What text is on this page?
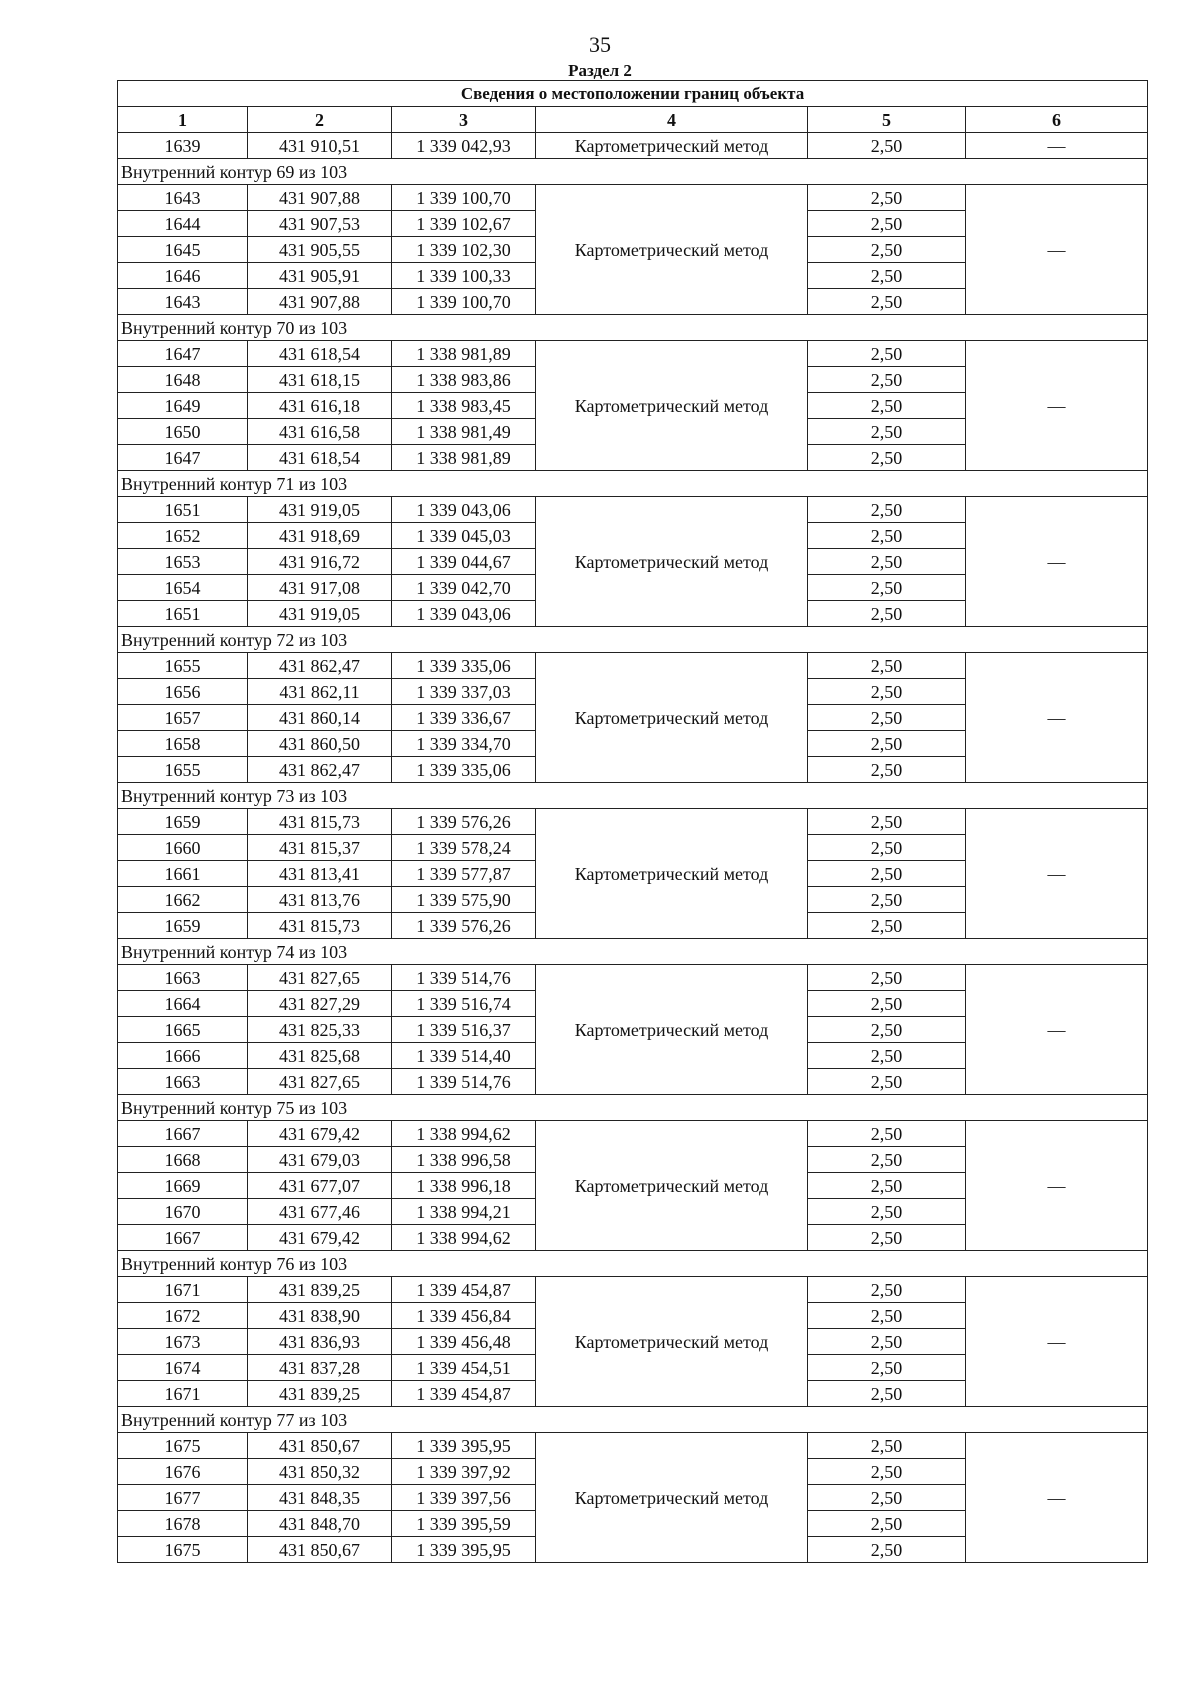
35
Раздел 2
Сведения о местоположении границ объекта					
1	2	3	4	5	6
1639	431 910,51	1 339 042,93	Картометрический метод	2,50	—
Внутренний контур 69 из 103					
1643	431 907,88	1 339 100,70	Картометрический метод	2,50	—
1644	431 907,53	1 339 102,67		2,50	
1645	431 905,55	1 339 102,30		2,50	
1646	431 905,91	1 339 100,33		2,50	
1643	431 907,88	1 339 100,70		2,50	
Внутренний контур 70 из 103					
1647	431 618,54	1 338 981,89	Картометрический метод	2,50	—
1648	431 618,15	1 338 983,86		2,50	
1649	431 616,18	1 338 983,45		2,50	
1650	431 616,58	1 338 981,49		2,50	
1647	431 618,54	1 338 981,89		2,50	
Внутренний контур 71 из 103					
1651	431 919,05	1 339 043,06	Картометрический метод	2,50	—
1652	431 918,69	1 339 045,03		2,50	
1653	431 916,72	1 339 044,67		2,50	
1654	431 917,08	1 339 042,70		2,50	
1651	431 919,05	1 339 043,06		2,50	
Внутренний контур 72 из 103					
1655	431 862,47	1 339 335,06	Картометрический метод	2,50	—
1656	431 862,11	1 339 337,03		2,50	
1657	431 860,14	1 339 336,67		2,50	
1658	431 860,50	1 339 334,70		2,50	
1655	431 862,47	1 339 335,06		2,50	
Внутренний контур 73 из 103					
1659	431 815,73	1 339 576,26	Картометрический метод	2,50	—
1660	431 815,37	1 339 578,24		2,50	
1661	431 813,41	1 339 577,87		2,50	
1662	431 813,76	1 339 575,90		2,50	
1659	431 815,73	1 339 576,26		2,50	
Внутренний контур 74 из 103					
1663	431 827,65	1 339 514,76	Картометрический метод	2,50	—
1664	431 827,29	1 339 516,74		2,50	
1665	431 825,33	1 339 516,37		2,50	
1666	431 825,68	1 339 514,40		2,50	
1663	431 827,65	1 339 514,76		2,50	
Внутренний контур 75 из 103					
1667	431 679,42	1 338 994,62	Картометрический метод	2,50	—
1668	431 679,03	1 338 996,58		2,50	
1669	431 677,07	1 338 996,18		2,50	
1670	431 677,46	1 338 994,21		2,50	
1667	431 679,42	1 338 994,62		2,50	
Внутренний контур 76 из 103					
1671	431 839,25	1 339 454,87	Картометрический метод	2,50	—
1672	431 838,90	1 339 456,84		2,50	
1673	431 836,93	1 339 456,48		2,50	
1674	431 837,28	1 339 454,51		2,50	
1671	431 839,25	1 339 454,87		2,50	
Внутренний контур 77 из 103					
1675	431 850,67	1 339 395,95	Картометрический метод	2,50	—
1676	431 850,32	1 339 397,92		2,50	
1677	431 848,35	1 339 397,56		2,50	
1678	431 848,70	1 339 395,59		2,50	
1675	431 850,67	1 339 395,95		2,50	
